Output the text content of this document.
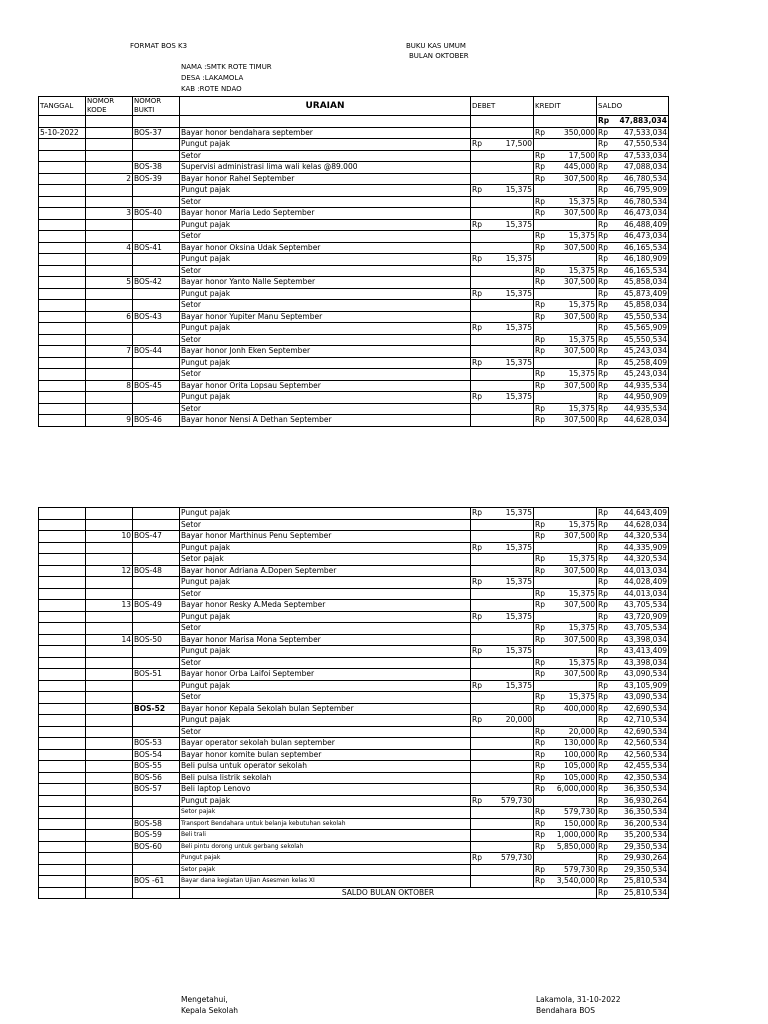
FORMAT BOS K3	BUKU KAS UMUM
BULAN OKTOBER
NAMA :SMTK ROTE TIMUR
DESA :LAKAMOLA
KAB :ROTE NDAO
TANGGAL	NOMOR KODE	NOMOR BUKTI	URAIAN	DEBET	KREDIT	SALDO

						Rp 47,883,034

5-10-2022		BOS-37	Bayar honor bendahara september		Rp 350,000	Rp 47,533,034

			Pungut pajak	Rp 17,500		Rp 47,550,534

			Setor		Rp 17,500	Rp 47,533,034

		BOS-38	Supervisi administrasi lima wali kelas @89.000		Rp 445,000	Rp 47,088,034

	2	BOS-39	Bayar honor Rahel September		Rp 307,500	Rp 46,780,534

			Pungut pajak	Rp 15,375		Rp 46,795,909

			Setor		Rp 15,375	Rp 46,780,534

	3	BOS-40	Bayar honor Maria Ledo September		Rp 307,500	Rp 46,473,034

			Pungut pajak	Rp 15,375		Rp 46,488,409

			Setor		Rp 15,375	Rp 46,473,034

	4	BOS-41	Bayar honor Oksina Udak September		Rp 307,500	Rp 46,165,534

			Pungut pajak	Rp 15,375		Rp 46,180,909

			Setor		Rp 15,375	Rp 46,165,534

	5	BOS-42	Bayar honor Yanto Nalle September		Rp 307,500	Rp 45,858,034

			Pungut pajak	Rp 15,375		Rp 45,873,409

			Setor		Rp 15,375	Rp 45,858,034

	6	BOS-43	Bayar honor Yupiter Manu September		Rp 307,500	Rp 45,550,534

			Pungut pajak	Rp 15,375		Rp 45,565,909

			Setor		Rp 15,375	Rp 45,550,534

	7	BOS-44	Bayar honor Jonh Eken September		Rp 307,500	Rp 45,243,034

			Pungut pajak	Rp 15,375		Rp 45,258,409

			Setor		Rp 15,375	Rp 45,243,034

	8	BOS-45	Bayar honor Orita Lopsau September		Rp 307,500	Rp 44,935,534

			Pungut pajak	Rp 15,375		Rp 44,950,909

			Setor		Rp 15,375	Rp 44,935,534

	9	BOS-46	Bayar honor Nensi A Dethan September		Rp 307,500	Rp 44,628,034
			Pungut pajak	Rp 15,375		Rp 44,643,409

			Setor		Rp 15,375	Rp 44,628,034

	10	BOS-47	Bayar honor Marthinus Penu September		Rp 307,500	Rp 44,320,534

			Pungut pajak	Rp 15,375		Rp 44,335,909

			Setor pajak		Rp 15,375	Rp 44,320,534

	12	BOS-48	Bayar honor Adriana A.Dopen September		Rp 307,500	Rp 44,013,034

			Pungut pajak	Rp 15,375		Rp 44,028,409

			Setor		Rp 15,375	Rp 44,013,034

	13	BOS-49	Bayar honor Resky A.Meda September		Rp 307,500	Rp 43,705,534

			Pungut pajak	Rp 15,375		Rp 43,720,909

			Setor		Rp 15,375	Rp 43,705,534

	14	BOS-50	Bayar honor Marisa Mona September		Rp 307,500	Rp 43,398,034

			Pungut pajak	Rp 15,375		Rp 43,413,409

			Setor		Rp 15,375	Rp 43,398,034

		BOS-51	Bayar honor Orba Laifoi September		Rp 307,500	Rp 43,090,534

			Pungut pajak	Rp 15,375		Rp 43,105,909

			Setor		Rp 15,375	Rp 43,090,534

		BOS-52	Bayar honor Kepala Sekolah bulan September		Rp 400,000	Rp 42,690,534

			Pungut pajak	Rp 20,000		Rp 42,710,534

			Setor		Rp 20,000	Rp 42,690,534

		BOS-53	Bayar operator sekolah bulan september		Rp 130,000	Rp 42,560,534

		BOS-54	Bayar honor komite bulan september		Rp 100,000	Rp 42,560,534

		BOS-55	Beli pulsa untuk operator sekolah		Rp 105,000	Rp 42,455,534

		BOS-56	Beli pulsa listrik sekolah		Rp 105,000	Rp 42,350,534

		BOS-57	Beli laptop Lenovo		Rp 6,000,000	Rp 36,350,534

			Pungut pajak	Rp 579,730		Rp 36,930,264

			Setor pajak		Rp 579,730	Rp 36,350,534

		BOS-58	Transport Bendahara untuk belanja kebutuhan sekolah		Rp 150,000	Rp 36,200,534

		BOS-59	Beli trali		Rp 1,000,000	Rp 35,200,534

		BOS-60	Beli pintu dorong untuk gerbang sekolah		Rp 5,850,000	Rp 29,350,534

			Pungut pajak	Rp 579,730		Rp 29,930,264

			Setor pajak		Rp 579,730	Rp 29,350,534

		BOS -61	Bayar dana kegiatan Ujian Asesmen kelas XI		Rp 3,540,000	Rp 25,810,534

			SALDO BULAN OKTOBER			Rp 25,810,534
Mengetahui,
Kepala Sekolah
Lakamola, 31-10-2022
Bendahara BOS
